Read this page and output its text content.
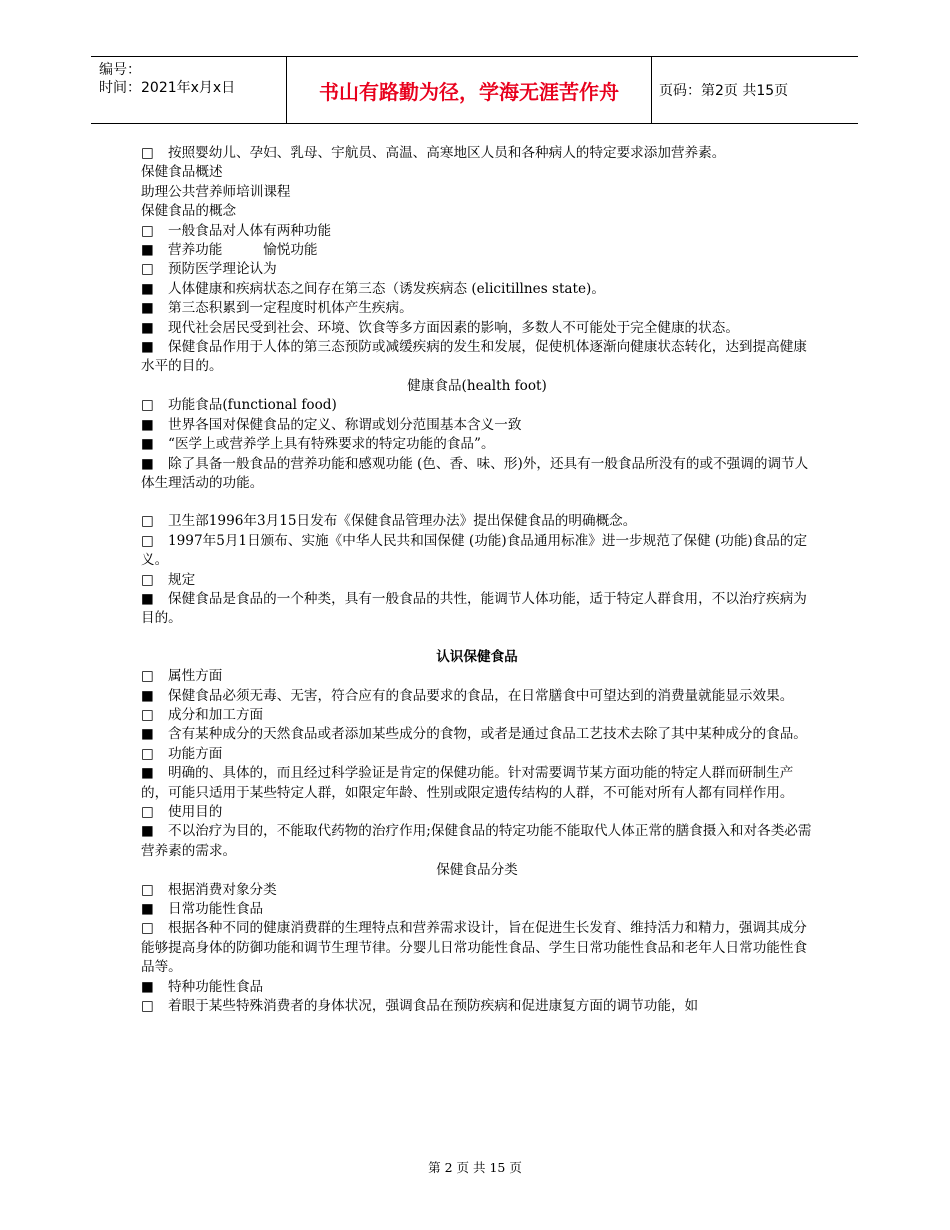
编号：
时间：2021年x月x日	书山有路勤为径，学海无涯苦作舟	页码：第2页 共15页
□ 按照婴幼儿、孕妇、乳母、宇航员、高温、高寒地区人员和各种病人的特定要求添加营养素。
保健食品概述
助理公共营养师培训课程
保健食品的概念
□ 一般食品对人体有两种功能
■ 营养功能　　　愉悦功能
□ 预防医学理论认为
■ 人体健康和疾病状态之间存在第三态（诱发疾病态 (elicitillnes state)。
■ 第三态积累到一定程度时机体产生疾病。
■ 现代社会居民受到社会、环境、饮食等多方面因素的影响，多数人不可能处于完全健康的状态。
■ 保健食品作用于人体的第三态预防或减缓疾病的发生和发展，促使机体逐渐向健康状态转化，达到提高健康水平的目的。
健康食品(health foot)
□ 功能食品(functional food)
■ 世界各国对保健食品的定义、称谓或划分范围基本含义一致
■ “医学上或营养学上具有特殊要求的特定功能的食品”。
■ 除了具备一般食品的营养功能和感观功能 (色、香、味、形)外，还具有一般食品所没有的或不强调的调节人体生理活动的功能。
□ 卫生部1996年3月15日发布《保健食品管理办法》提出保健食品的明确概念。
□ 1997年5月1日颁布、实施《中华人民共和国保健 (功能)食品通用标准》进一步规范了保健 (功能)食品的定义。
□ 规定
■ 保健食品是食品的一个种类，具有一般食品的共性，能调节人体功能，适于特定人群食用，不以治疗疾病为目的。
认识保健食品
□ 属性方面
■ 保健食品必须无毒、无害，符合应有的食品要求的食品，在日常膳食中可望达到的消费量就能显示效果。
□ 成分和加工方面
■ 含有某种成分的天然食品或者添加某些成分的食物，或者是通过食品工艺技术去除了其中某种成分的食品。
□ 功能方面
■ 明确的、具体的，而且经过科学验证是肯定的保健功能。针对需要调节某方面功能的特定人群而研制生产的，可能只适用于某些特定人群，如限定年龄、性别或限定遗传结构的人群，不可能对所有人都有同样作用。
□ 使用目的
■ 不以治疗为目的，不能取代药物的治疗作用;保健食品的特定功能不能取代人体正常的膳食摄入和对各类必需营养素的需求。
保健食品分类
□ 根据消费对象分类
■ 日常功能性食品
□ 根据各种不同的健康消费群的生理特点和营养需求设计，旨在促进生长发育、维持活力和精力，强调其成分能够提高身体的防御功能和调节生理节律。分婴儿日常功能性食品、学生日常功能性食品和老年人日常功能性食品等。
■ 特种功能性食品
□ 着眼于某些特殊消费者的身体状况，强调食品在预防疾病和促进康复方面的调节功能，如
第 2 页 共 15 页
